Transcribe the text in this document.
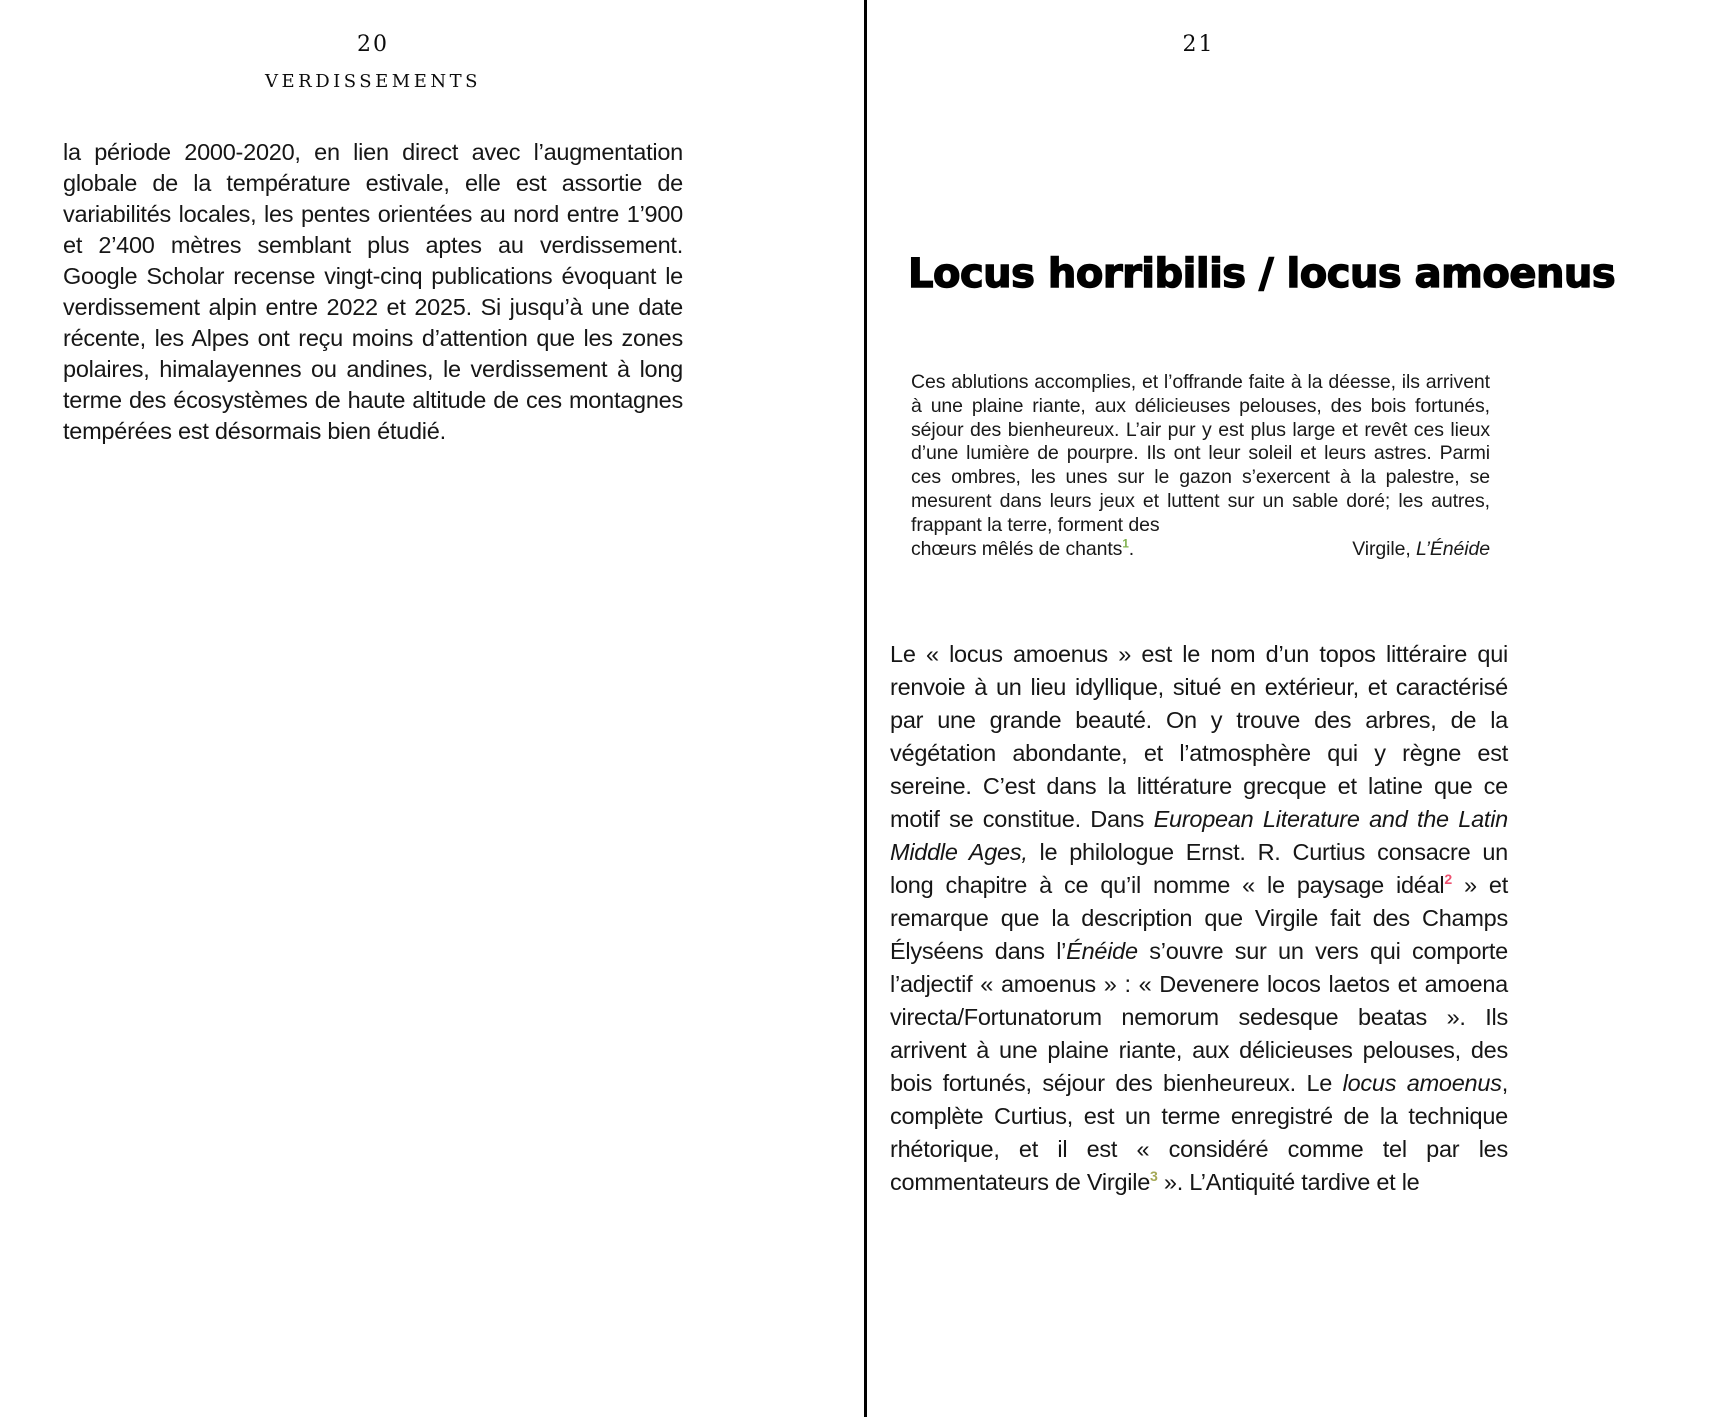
20
VERDISSEMENTS

la période 2000-2020, en lien direct avec l’augmentation globale de la température estivale, elle est assortie de variabilités locales, les pentes orientées au nord entre 1’900 et 2’400 mètres semblant plus aptes au verdissement. Google Scholar recense vingt-cinq publications évoquant le verdissement alpin entre 2022 et 2025. Si jusqu’à une date récente, les Alpes ont reçu moins d’attention que les zones polaires, himalayennes ou andines, le verdissement à long terme des écosystèmes de haute altitude de ces montagnes tempérées est désormais bien étudié.

21
Locus horribilis / locus amoenus
Ces ablutions accomplies, et l’offrande faite à la déesse, ils arrivent à une plaine riante, aux délicieuses pelouses, des bois fortunés, séjour des bienheureux. L’air pur y est plus large et revêt ces lieux d’une lumière de pourpre. Ils ont leur soleil et leurs astres. Parmi ces ombres, les unes sur le gazon s’exercent à la palestre, se mesurent dans leurs jeux et luttent sur un sable doré; les autres, frappant la terre, forment des
chœurs mêlés de chants$^1$.	Virgile, L’Énéide

Le « locus amoenus » est le nom d’un topos littéraire qui renvoie à un lieu idyllique, situé en extérieur, et caractérisé par une grande beauté. On y trouve des arbres, de la végétation abondante, et l’atmosphère qui y règne est sereine. C’est dans la littérature grecque et latine que ce motif se constitue. Dans European Literature and the Latin Middle Ages, le philologue Ernst. R. Curtius consacre un long chapitre à ce qu’il nomme « le paysage idéal$^2$ » et remarque que la description que Virgile fait des Champs Élyséens dans l’Énéide s’ouvre sur un vers qui comporte l’adjectif « amoenus » : « Devenere locos laetos et amoena virecta/Fortunatorum nemorum sedesque beatas ». Ils arrivent à une plaine riante, aux délicieuses pelouses, des bois fortunés, séjour des bienheureux. Le locus amoenus, complète Curtius, est un terme enregistré de la technique rhétorique, et il est « considéré comme tel par les commentateurs de Virgile$^3$ ». L’Antiquité tardive et le
